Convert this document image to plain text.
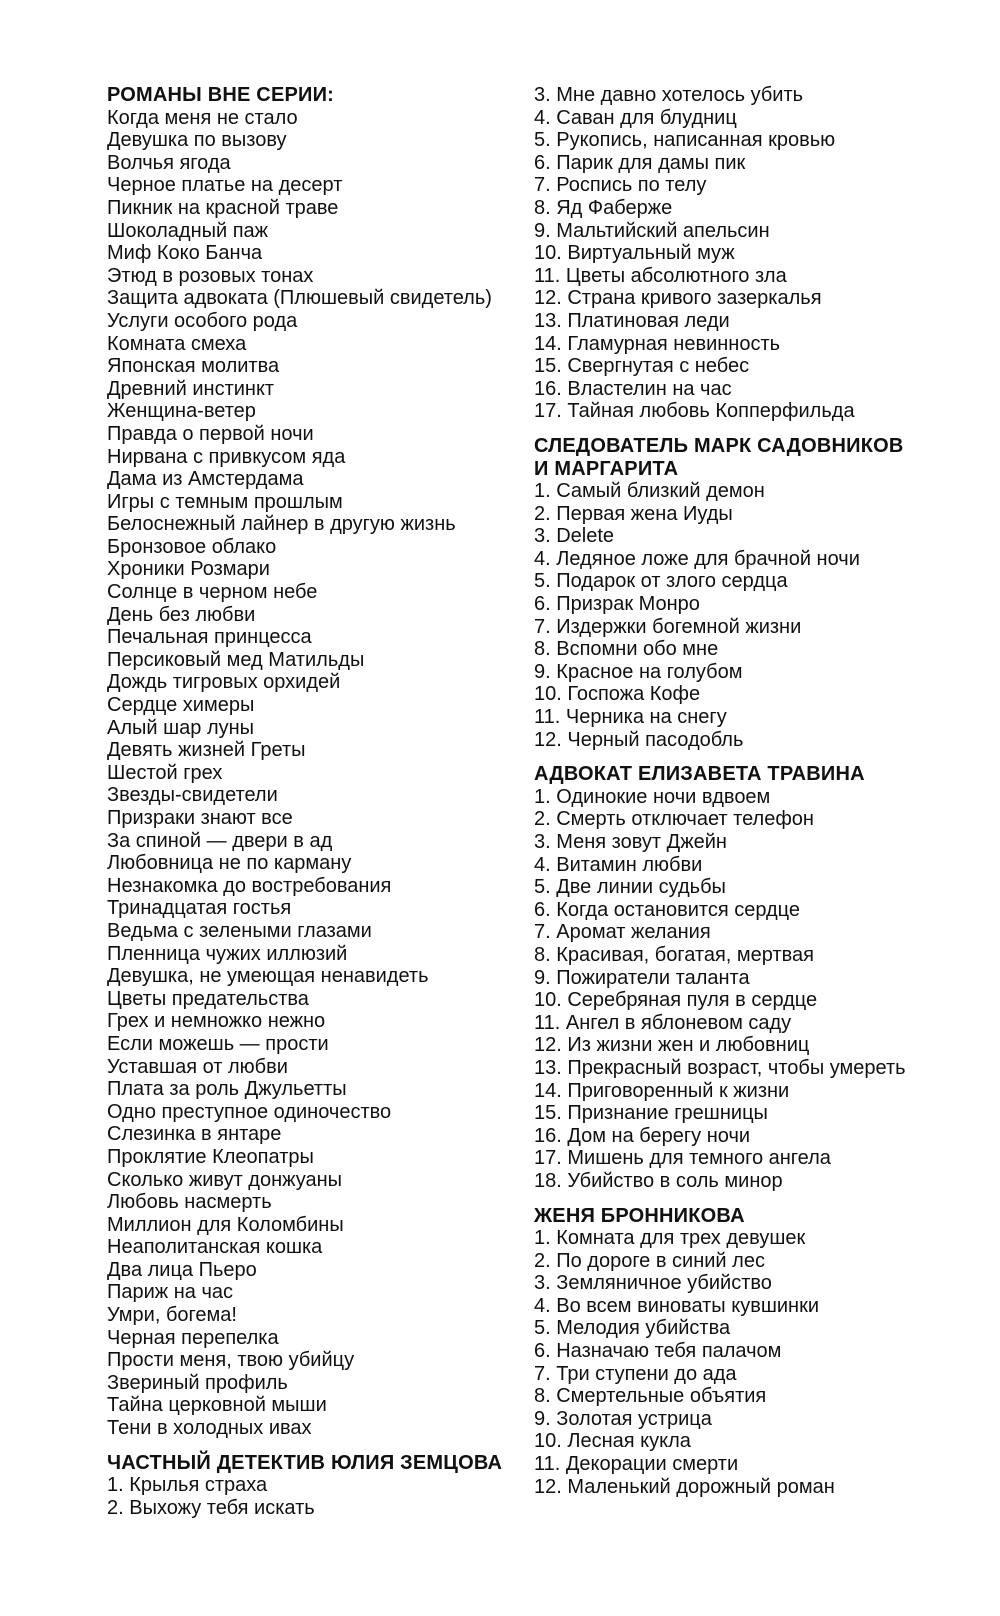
РОМАНЫ ВНЕ СЕРИИ:

Когда меня не стало

Девушка по вызову

Волчья ягода

Черное платье на десерт

Пикник на красной траве

Шоколадный паж

Миф Коко Банча

Этюд в розовых тонах

Защита адвоката (Плюшевый свидетель)

Услуги особого рода

Комната смеха

Японская молитва

Древний инстинкт

Женщина-ветер

Правда о первой ночи

Нирвана с привкусом яда

Дама из Амстердама

Игры с темным прошлым

Белоснежный лайнер в другую жизнь

Бронзовое облако

Хроники Розмари

Солнце в черном небе

День без любви

Печальная принцесса

Персиковый мед Матильды

Дождь тигровых орхидей

Сердце химеры

Алый шар луны

Девять жизней Греты

Шестой грех

Звезды-свидетели

Призраки знают все

За спиной — двери в ад

Любовница не по карману

Незнакомка до востребования

Тринадцатая гостья

Ведьма с зелеными глазами

Пленница чужих иллюзий

Девушка, не умеющая ненавидеть

Цветы предательства

Грех и немножко нежно

Если можешь — прости

Уставшая от любви

Плата за роль Джульетты

Одно преступное одиночество

Слезинка в янтаре

Проклятие Клеопатры

Сколько живут донжуаны

Любовь насмерть

Миллион для Коломбины

Неаполитанская кошка

Два лица Пьеро

Париж на час

Умри, богема!

Черная перепелка

Прости меня, твою убийцу

Звериный профиль

Тайна церковной мыши

Тени в холодных ивах

ЧАСТНЫЙ ДЕТЕКТИВ ЮЛИЯ ЗЕМЦОВА

1. Крылья страха

2. Выхожу тебя искать

3. Мне давно хотелось убить

4. Саван для блудниц

5. Рукопись, написанная кровью

6. Парик для дамы пик

7. Роспись по телу

8. Яд Фаберже

9. Мальтийский апельсин

10. Виртуальный муж

11. Цветы абсолютного зла

12. Страна кривого зазеркалья

13. Платиновая леди

14. Гламурная невинность

15. Свергнутая с небес

16. Властелин на час

17. Тайная любовь Копперфильда

СЛЕДОВАТЕЛЬ МАРК САДОВНИКОВ

И МАРГАРИТА

1. Самый близкий демон

2. Первая жена Иуды

3. Delete

4. Ледяное ложе для брачной ночи

5. Подарок от злого сердца

6. Призрак Монро

7. Издержки богемной жизни

8. Вспомни обо мне

9. Красное на голубом

10. Госпожа Кофе

11. Черника на снегу

12. Черный пасодобль

АДВОКАТ ЕЛИЗАВЕТА ТРАВИНА

1. Одинокие ночи вдвоем

2. Смерть отключает телефон

3. Меня зовут Джейн

4. Витамин любви

5. Две линии судьбы

6. Когда остановится сердце

7. Аромат желания

8. Красивая, богатая, мертвая

9. Пожиратели таланта

10. Серебряная пуля в сердце

11. Ангел в яблоневом саду

12. Из жизни жен и любовниц

13. Прекрасный возраст, чтобы умереть

14. Приговоренный к жизни

15. Признание грешницы

16. Дом на берегу ночи

17. Мишень для темного ангела

18. Убийство в соль минор

ЖЕНЯ БРОННИКОВА

1. Комната для трех девушек

2. По дороге в синий лес

3. Земляничное убийство

4. Во всем виноваты кувшинки

5. Мелодия убийства

6. Назначаю тебя палачом

7. Три ступени до ада

8. Смертельные объятия

9. Золотая устрица

10. Лесная кукла

11. Декорации смерти

12. Маленький дорожный роман
